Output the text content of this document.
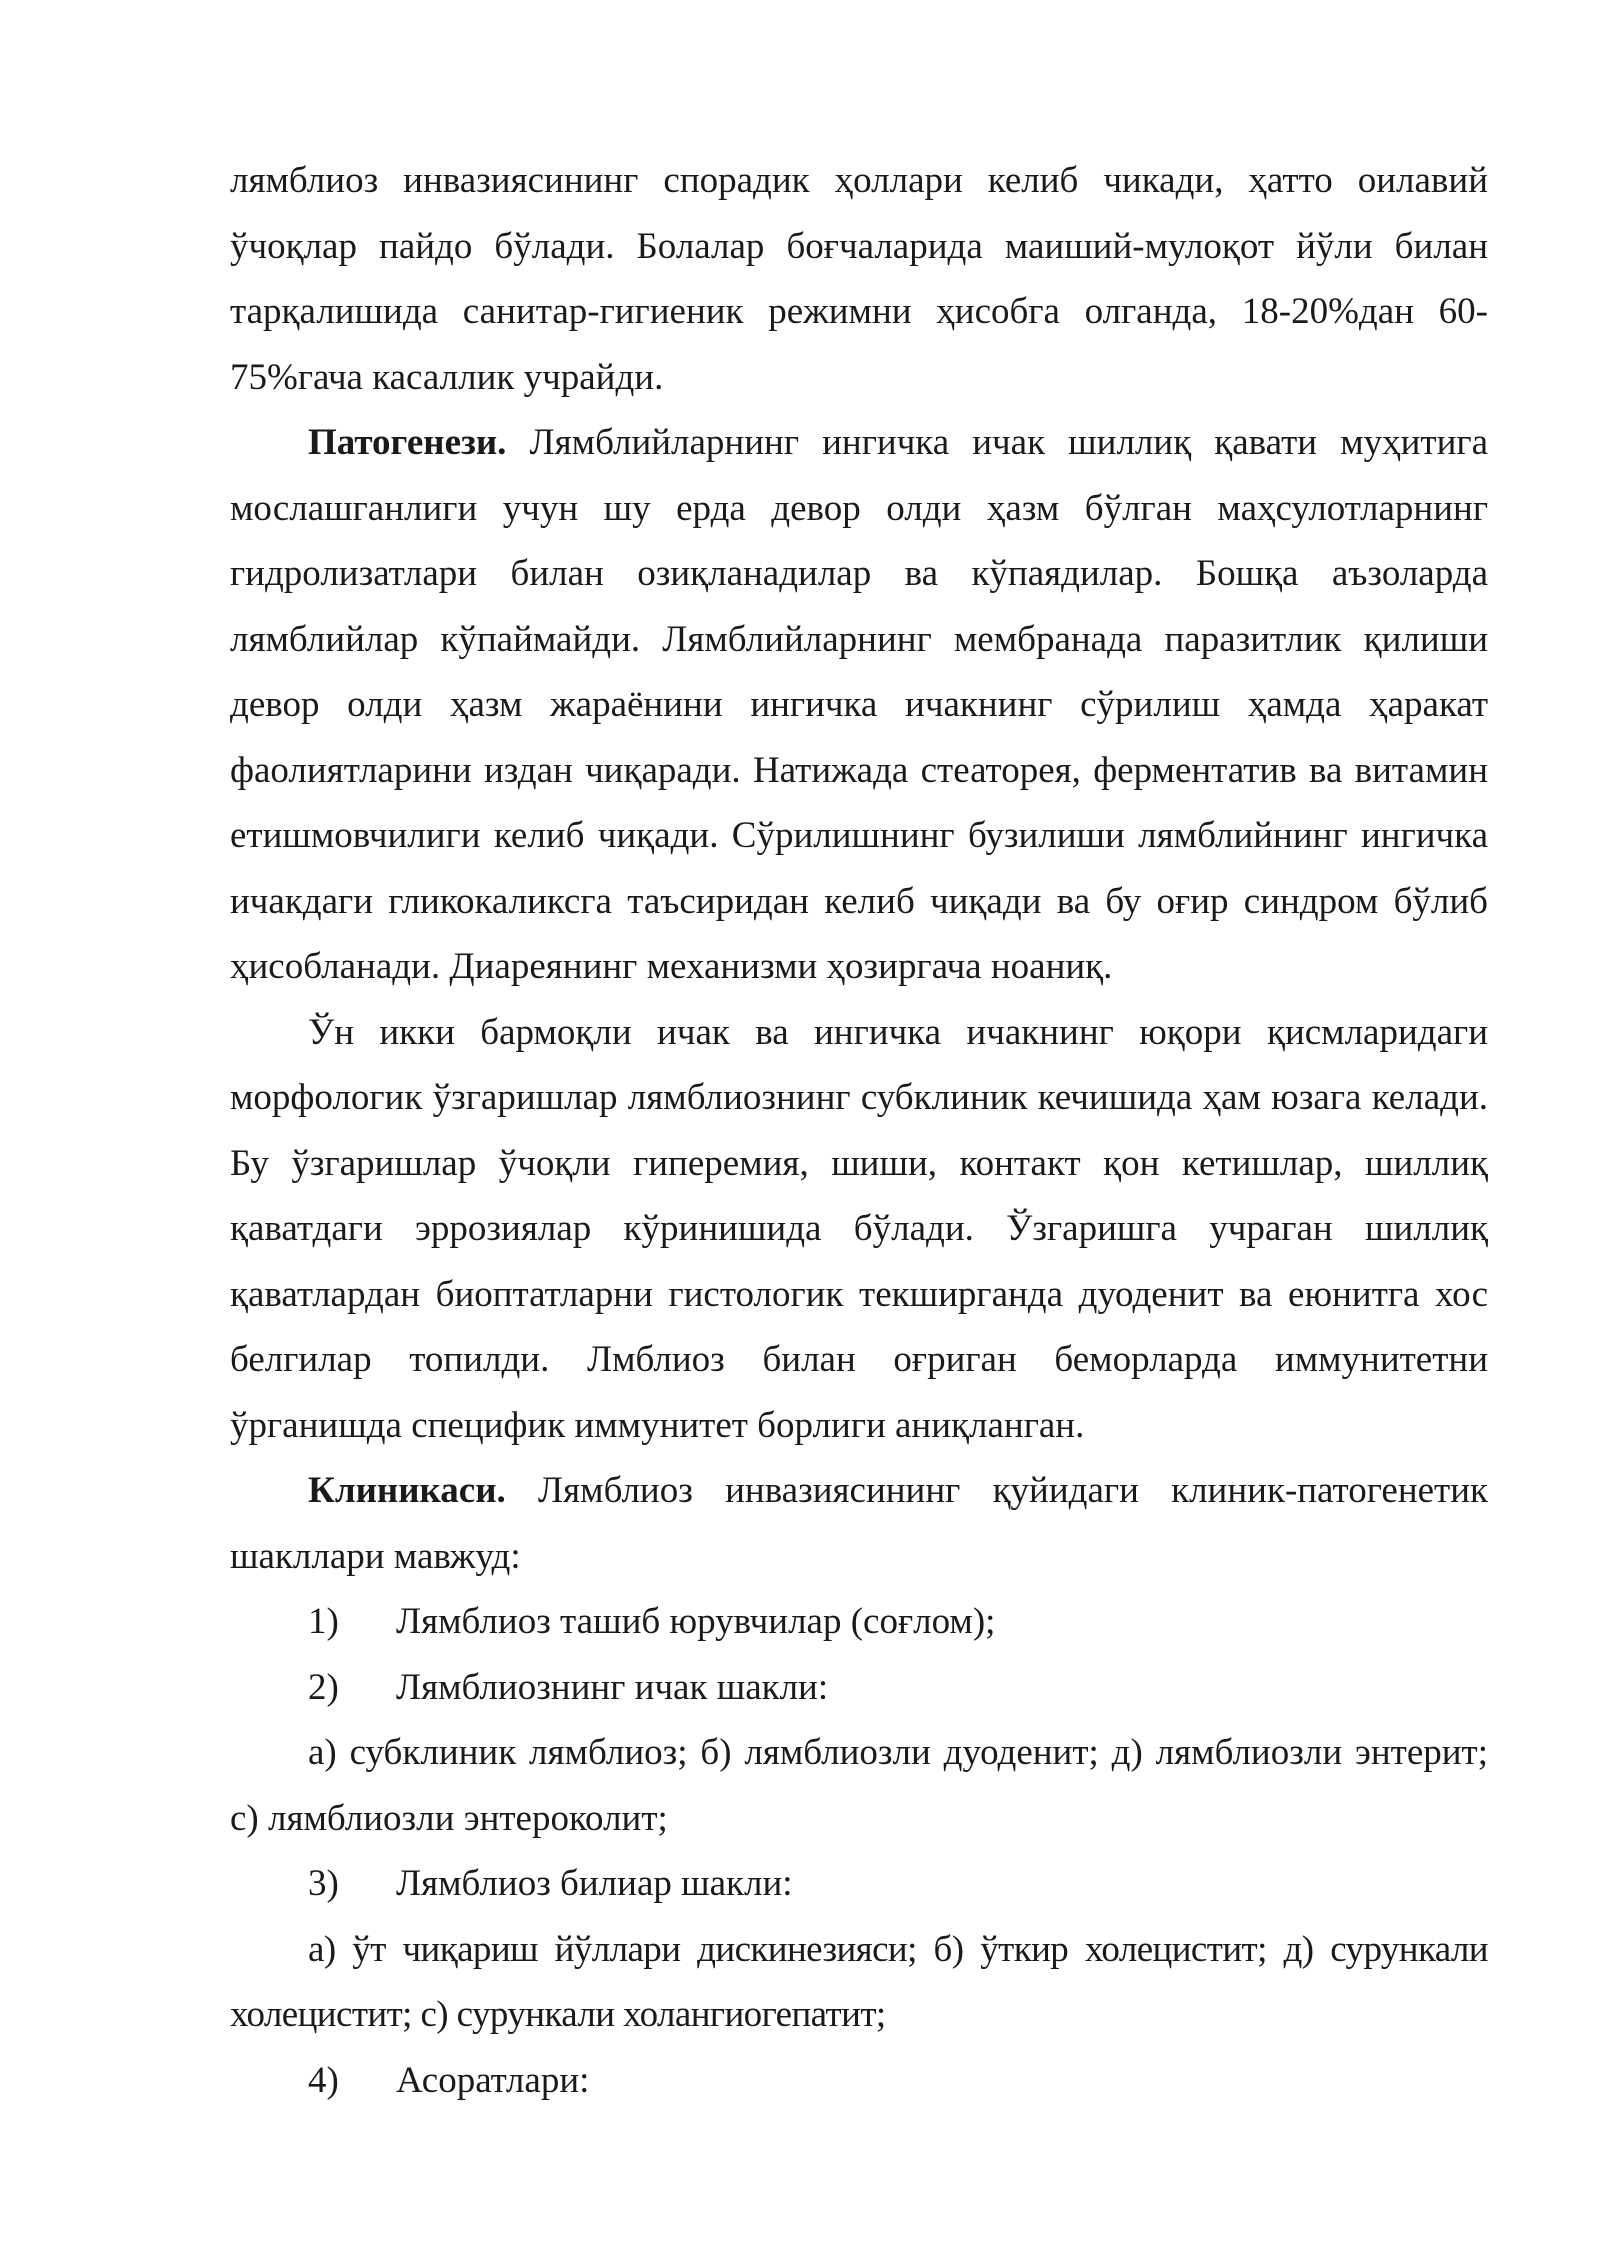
лямблиоз инвазиясининг спорадик ҳоллари келиб чикади, ҳатто оилавий ўчоқлар пайдо бўлади. Болалар боғчаларида маиший-мулоқот йўли билан тарқалишида санитар-гигиеник режимни ҳисобга олганда, 18-20%дан 60-75%гача касаллик учрайди.

Патогенези. Лямблийларнинг ингичка ичак шиллиқ қавати муҳитига мослашганлиги учун шу ерда девор олди ҳазм бўлган маҳсулотларнинг гидролизатлари билан озиқланадилар ва кўпаядилар. Бошқа аъзоларда лямблийлар кўпаймайди. Лямблийларнинг мембранада паразитлик қилиши девор олди ҳазм жараёнини ингичка ичакнинг сўрилиш ҳамда ҳаракат фаолиятларини издан чиқаради. Натижада стеаторея, ферментатив ва витамин етишмовчилиги келиб чиқади. Сўрилишнинг бузилиши лямблийнинг ингичка ичакдаги гликокаликсга таъсиридан келиб чиқади ва бу оғир синдром бўлиб ҳисобланади. Диареянинг механизми ҳозиргача ноаниқ.

Ўн икки бармоқли ичак ва ингичка ичакнинг юқори қисмларидаги морфологик ўзгаришлар лямблиознинг субклиник кечишида ҳам юзага келади. Бу ўзгаришлар ўчоқли гиперемия, шиши, контакт қон кетишлар, шиллиқ қаватдаги эррозиялар кўринишида бўлади. Ўзгаришга учраган шиллиқ қаватлардан биоптатларни гистологик текширганда дуоденит ва еюнитга хос белгилар топилди. Лмблиоз билан оғриган беморларда иммунитетни ўрганишда специфик иммунитет борлиги аниқланган.

Клиникаси. Лямблиоз инвазиясининг қуйидаги клиник-патогенетик шакллари мавжуд:

1)	Лямблиоз ташиб юрувчилар (соғлом);
2)	Лямблиознинг ичак шакли:

а) субклиник лямблиоз; б) лямблиозли дуоденит; д) лямблиозли энтерит; с) лямблиозли энтероколит;

3)	Лямблиоз билиар шакли:

а) ўт чиқариш йўллари дискинезияси; б) ўткир холецистит; д) сурункали холецистит; с) сурункали холангиогепатит;

4)	Асоратлари:
